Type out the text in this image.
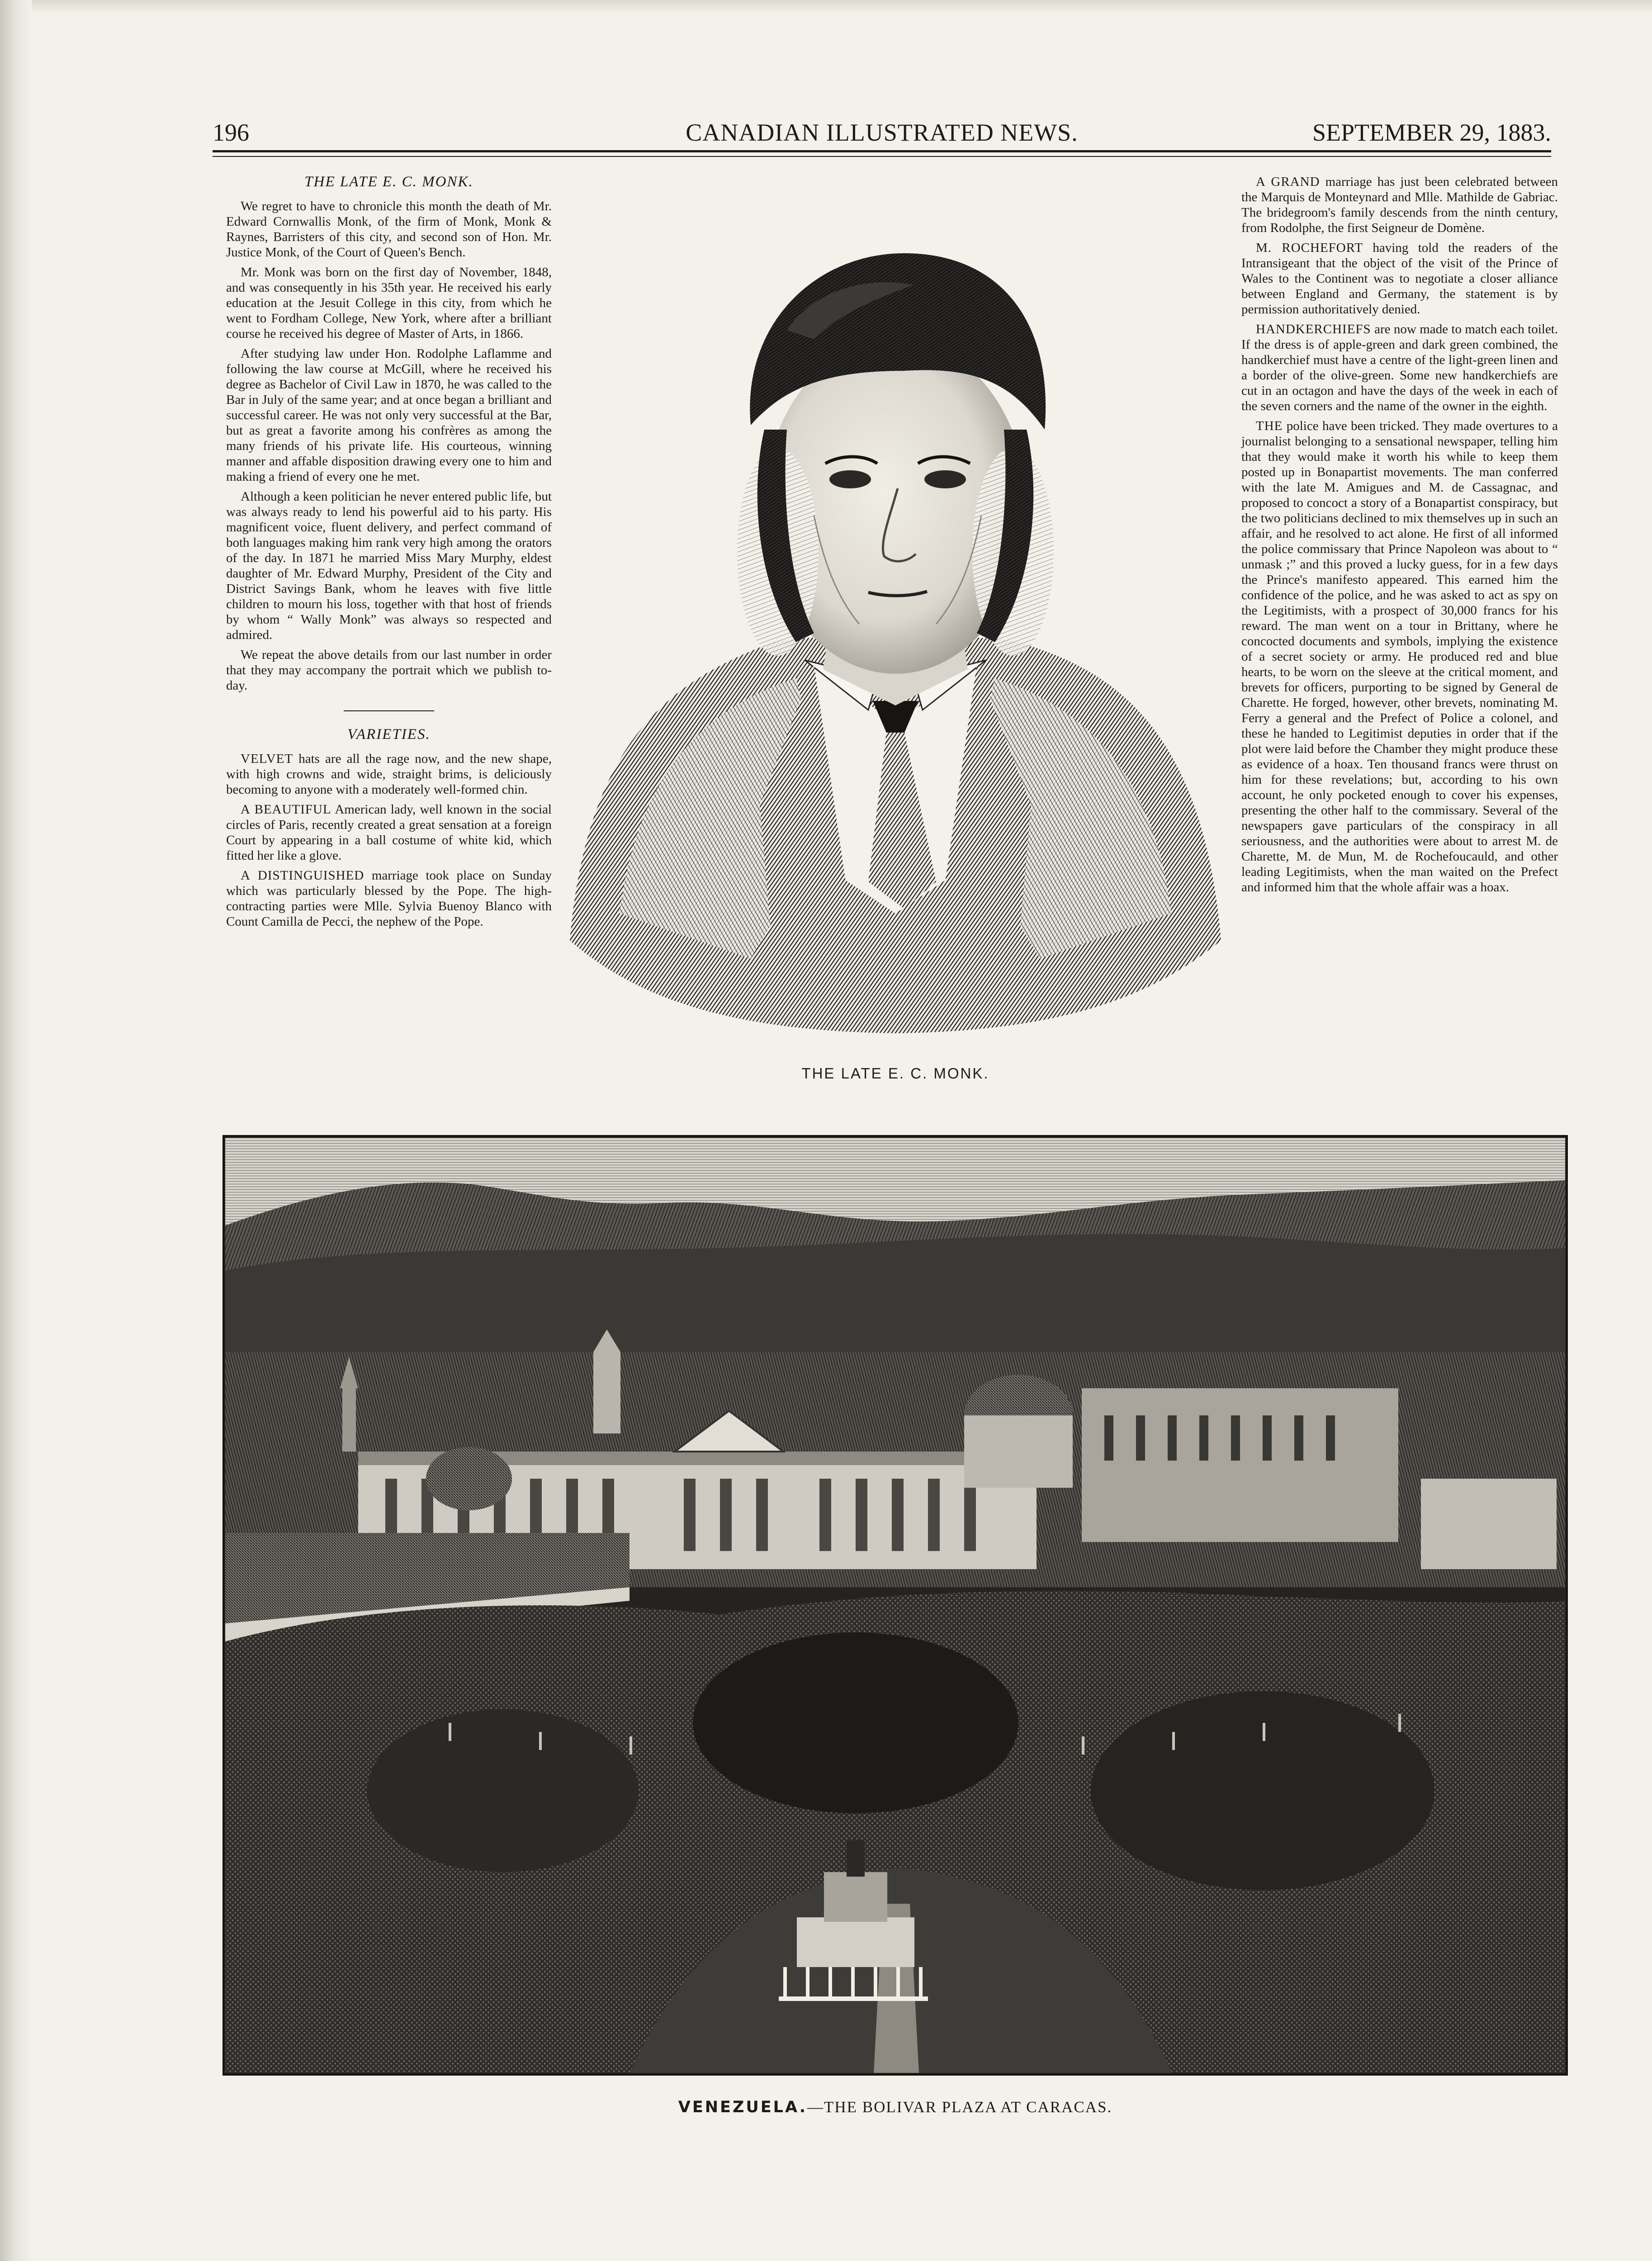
196	CANADIAN ILLUSTRATED NEWS.	SEPTEMBER 29, 1883.
THE LATE E. C. MONK.

We regret to have to chronicle this month the death of Mr. Edward Cornwallis Monk, of the firm of Monk, Monk & Raynes, Barristers of this city, and second son of Hon. Mr. Justice Monk, of the Court of Queen's Bench.

Mr. Monk was born on the first day of November, 1848, and was consequently in his 35th year. He received his early education at the Jesuit College in this city, from which he went to Fordham College, New York, where after a brilliant course he received his degree of Master of Arts, in 1866.

After studying law under Hon. Rodolphe Laflamme and following the law course at McGill, where he received his degree as Bachelor of Civil Law in 1870, he was called to the Bar in July of the same year; and at once began a brilliant and successful career. He was not only very successful at the Bar, but as great a favorite among his confrères as among the many friends of his private life. His courteous, winning manner and affable disposition drawing every one to him and making a friend of every one he met.

Although a keen politician he never entered public life, but was always ready to lend his powerful aid to his party. His magnificent voice, fluent delivery, and perfect command of both languages making him rank very high among the orators of the day. In 1871 he married Miss Mary Murphy, eldest daughter of Mr. Edward Murphy, President of the City and District Savings Bank, whom he leaves with five little children to mourn his loss, together with that host of friends by whom “ Wally Monk” was always so respected and admired.

We repeat the above details from our last number in order that they may accompany the portrait which we publish to-day.

VARIETIES.

VELVET hats are all the rage now, and the new shape, with high crowns and wide, straight brims, is deliciously becoming to anyone with a moderately well-formed chin.

A BEAUTIFUL American lady, well known in the social circles of Paris, recently created a great sensation at a foreign Court by appearing in a ball costume of white kid, which fitted her like a glove.

A DISTINGUISHED marriage took place on Sunday which was particularly blessed by the Pope. The high-contracting parties were Mlle. Sylvia Buenoy Blanco with Count Camilla de Pecci, the nephew of the Pope.

THE LATE E. C. MONK.

A GRAND marriage has just been celebrated between the Marquis de Monteynard and Mlle. Mathilde de Gabriac. The bridegroom's family descends from the ninth century, from Rodolphe, the first Seigneur de Domène.

M. ROCHEFORT having told the readers of the Intransigeant that the object of the visit of the Prince of Wales to the Continent was to negotiate a closer alliance between England and Germany, the statement is by permission authoritatively denied.

HANDKERCHIEFS are now made to match each toilet. If the dress is of apple-green and dark green combined, the handkerchief must have a centre of the light-green linen and a border of the olive-green. Some new handkerchiefs are cut in an octagon and have the days of the week in each of the seven corners and the name of the owner in the eighth.

THE police have been tricked. They made overtures to a journalist belonging to a sensational newspaper, telling him that they would make it worth his while to keep them posted up in Bonapartist movements. The man conferred with the late M. Amigues and M. de Cassagnac, and proposed to concoct a story of a Bonapartist conspiracy, but the two politicians declined to mix themselves up in such an affair, and he resolved to act alone. He first of all informed the police commissary that Prince Napoleon was about to “ unmask ;” and this proved a lucky guess, for in a few days the Prince's manifesto appeared. This earned him the confidence of the police, and he was asked to act as spy on the Legitimists, with a prospect of 30,000 francs for his reward. The man went on a tour in Brittany, where he concocted documents and symbols, implying the existence of a secret society or army. He produced red and blue hearts, to be worn on the sleeve at the critical moment, and brevets for officers, purporting to be signed by General de Charette. He forged, however, other brevets, nominating M. Ferry a general and the Prefect of Police a colonel, and these he handed to Legitimist deputies in order that if the plot were laid before the Chamber they might produce these as evidence of a hoax. Ten thousand francs were thrust on him for these revelations; but, according to his own account, he only pocketed enough to cover his expenses, presenting the other half to the commissary. Several of the newspapers gave particulars of the conspiracy in all seriousness, and the authorities were about to arrest M. de Charette, M. de Mun, M. de Rochefoucauld, and other leading Legitimists, when the man waited on the Prefect and informed him that the whole affair was a hoax.

VENEZUELA.—THE BOLIVAR PLAZA AT CARACAS.
